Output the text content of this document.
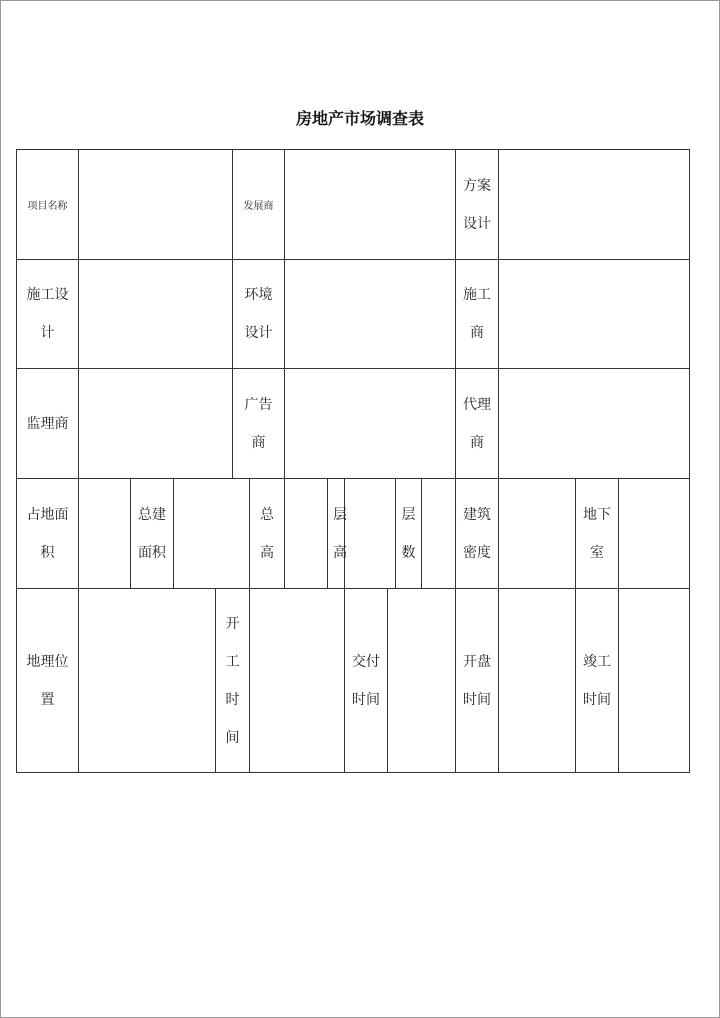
房地产市场调查表
项目名称	发展商
方案
设计
施工设
计
环境
设计
施工
商
监理商
广告
商
代理
商
占地面
积
总建
面积
总
高
层
高
层
数
建筑
密度
地下
室
地理位
置
开
工
时
间
交付
时间
开盘
时间
竣工
时间
